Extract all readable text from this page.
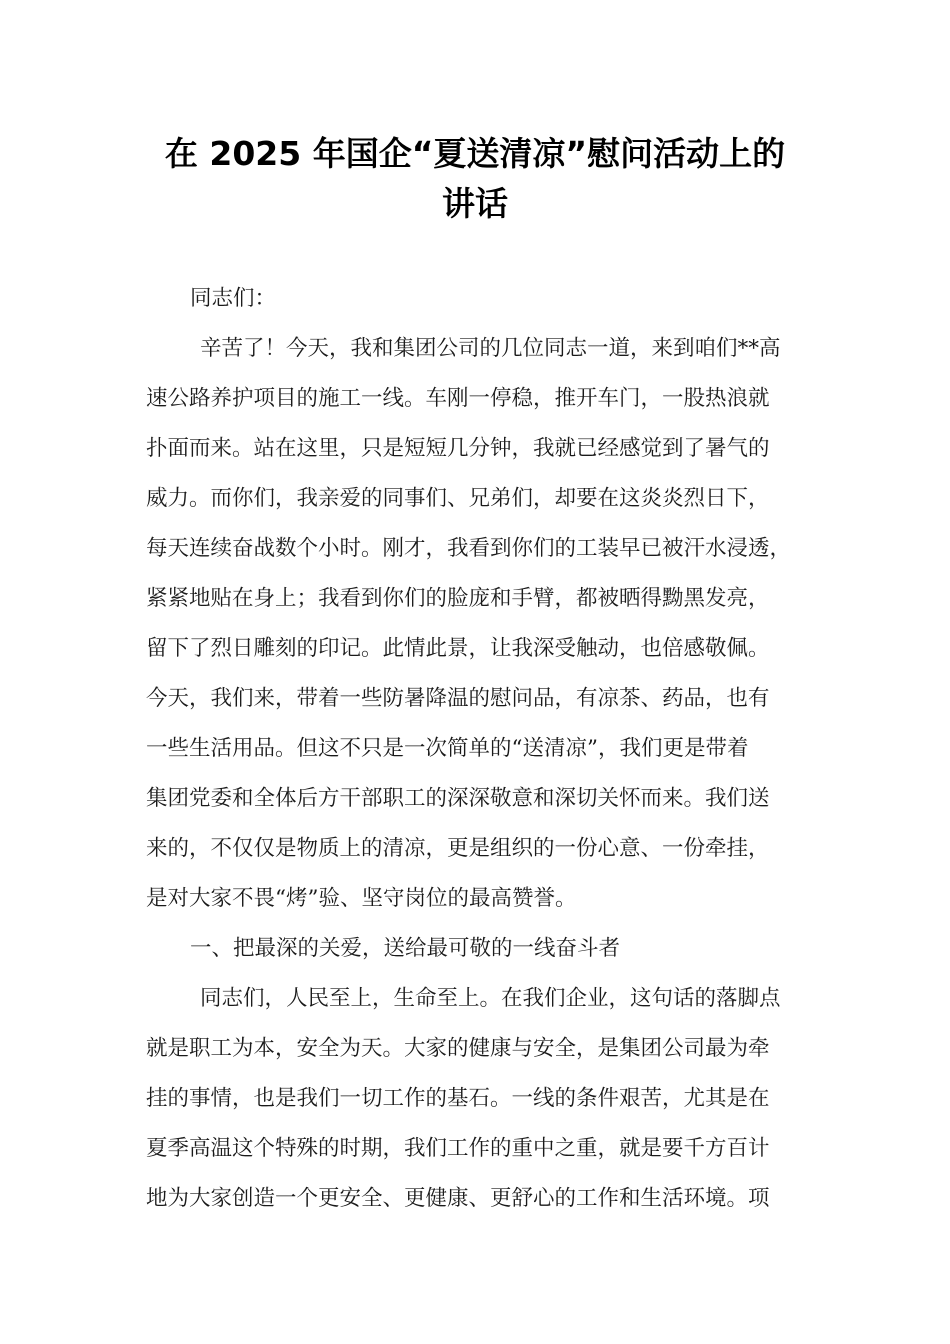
在 2025 年国企“夏送清凉”慰问活动上的
讲话
同志们：
辛苦了！今天，我和集团公司的几位同志一道，来到咱们**高
速公路养护项目的施工一线。车刚一停稳，推开车门，一股热浪就
扑面而来。站在这里，只是短短几分钟，我就已经感觉到了暑气的
威力。而你们，我亲爱的同事们、兄弟们，却要在这炎炎烈日下，
每天连续奋战数个小时。刚才，我看到你们的工装早已被汗水浸透，
紧紧地贴在身上；我看到你们的脸庞和手臂，都被晒得黝黑发亮，
留下了烈日雕刻的印记。此情此景，让我深受触动，也倍感敬佩。
今天，我们来，带着一些防暑降温的慰问品，有凉茶、药品，也有
一些生活用品。但这不只是一次简单的“送清凉”，我们更是带着
集团党委和全体后方干部职工的深深敬意和深切关怀而来。我们送
来的，不仅仅是物质上的清凉，更是组织的一份心意、一份牵挂，
是对大家不畏“烤”验、坚守岗位的最高赞誉。
一、把最深的关爱，送给最可敬的一线奋斗者
同志们，人民至上，生命至上。在我们企业，这句话的落脚点
就是职工为本，安全为天。大家的健康与安全，是集团公司最为牵
挂的事情，也是我们一切工作的基石。一线的条件艰苦，尤其是在
夏季高温这个特殊的时期，我们工作的重中之重，就是要千方百计
地为大家创造一个更安全、更健康、更舒心的工作和生活环境。项
